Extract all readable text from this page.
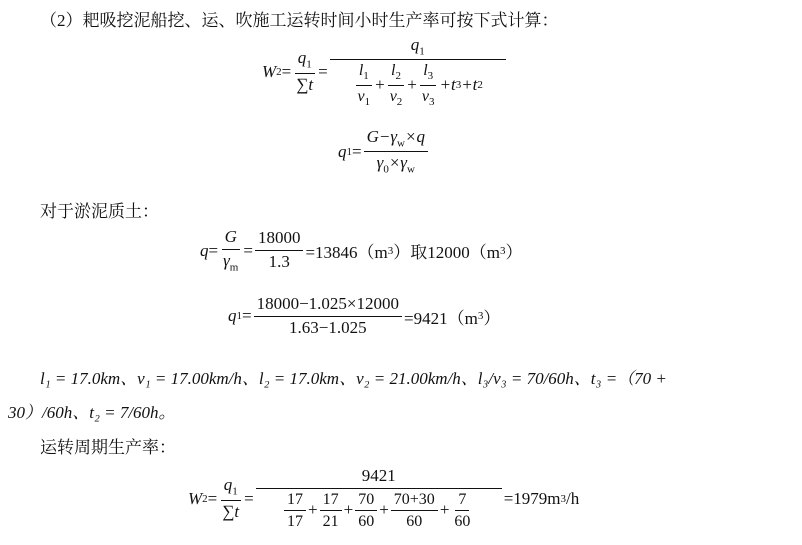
（2）耙吸挖泥船挖、运、吹施工运转时间小时生产率可按下式计算：
W $2 = \frac{q_1}{\sum t} = \frac{q_1}{\frac{l_1}{v_1} + \frac{l_2}{v_2} + \frac{l_3}{v_3} +t 3 +t 2}$
q $1 = \frac{G-\gamma_w\times q}{\gamma_0\times\gamma_w}$
对于淤泥质土：
$q = \frac{G}{\gamma_m} = \frac{18000}{1.3} =13846(m$ 3 ）取12000（m 3 ）
q $1 = \frac{18000-1.025\times 12000}{1.63-1.025} =9421(m$ 3 ）
l₁ = 17.0km、v₁ = 17.00km/h、l₂ = 17.0km、v₂ = 21.00km/h、l₃/v₃ = 70/60h、t₃ =（70 +
30）/60h、t₂ = 7/60h。
运转周期生产率：
W $2 = \frac{q_1}{\sum t} = \frac{9421}{\frac{17}{17} + \frac{17}{21} + \frac{70}{60} + \frac{70+30}{60} + \frac{7}{60}} =1979m$ 3 /h
